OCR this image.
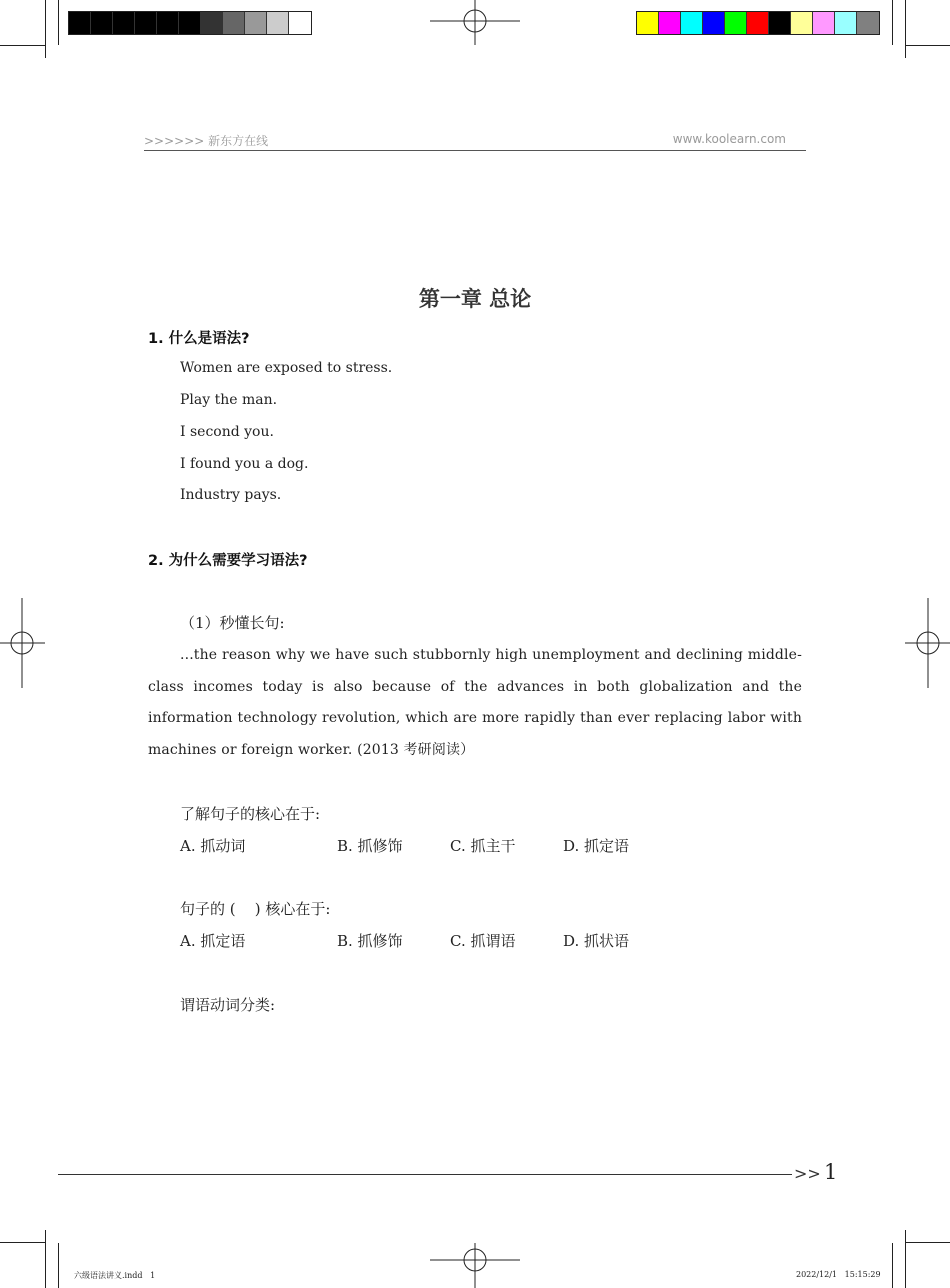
>>>>>> 新东方在线	www.koolearn.com
第一章 总论
1. 什么是语法?
Women are exposed to stress.
Play the man.
I second you.
I found you a dog.
Industry pays.
2. 为什么需要学习语法?
（1）秒懂长句:
...the reason why we have such stubbornly high unemployment and declining middle-class incomes today is also because of the advances in both globalization and the information technology revolution, which are more rapidly than ever replacing labor with machines or foreign worker. (2013 考研阅读）
了解句子的核心在于:
A. 抓动词	B. 抓修饰	C. 抓主干	D. 抓定语
句子的 (    ) 核心在于:
A. 抓定语	B. 抓修饰	C. 抓谓语	D. 抓状语
谓语动词分类:
>> 1
六级语法讲义.indd   1	2022/12/1   15:15:29
